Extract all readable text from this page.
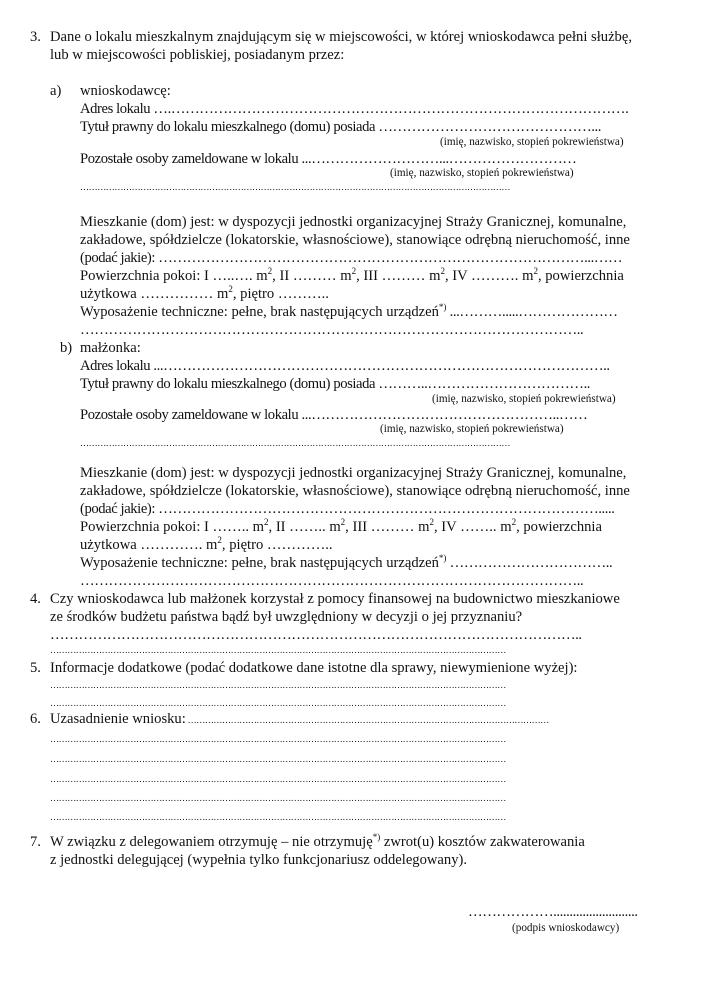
3. Dane o lokalu mieszkalnym znajdującym się w miejscowości, w której wnioskodawca pełni służbę,
lub w miejscowości pobliskiej, posiadanym przez:
a) wnioskodawcę:
Adres lokalu ….…………………………………………………………………………………….
Tytuł prawny do lokalu mieszkalnego (domu) posiada ………………………………………...
(imię, nazwisko, stopień pokrewieństwa)
Pozostałe osoby zameldowane w lokalu ...………………………...………………………
(imię, nazwisko, stopień pokrewieństwa)
……………………………………………………………………………………………………………………………………
Mieszkanie (dom) jest: w dyspozycji jednostki organizacyjnej Straży Granicznej, komunalne,
zakładowe, spółdzielcze (lokatorskie, własnościowe), stanowiące odrębną nieruchomość, inne
(podać jakie): ………………………………………………………………………………...……
Powierzchnia pokoi: I …..…. $m^2$, II ……… $m^2$, III ……… $m^2$, IV ………. $m^2$, powierzchnia
użytkowa …………… $m^2$, piętro ………..
Wyposażenie techniczne: pełne, brak następujących urządzeń*) ...……….....…………………
……………………………………………………………………………………………..
b) małżonka:
Adres lokalu ...…………………………………………………………………………………..
Tytuł prawny do lokalu mieszkalnego (domu) posiada ………..……………………………..
(imię, nazwisko, stopień pokrewieństwa)
Pozostałe osoby zameldowane w lokalu ...……………………………………………..……
(imię, nazwisko, stopień pokrewieństwa)
……………………………………………………………………………………………………………………………………
Mieszkanie (dom) jest: w dyspozycji jednostki organizacyjnej Straży Granicznej, komunalne,
zakładowe, spółdzielcze (lokatorskie, własnościowe), stanowiące odrębną nieruchomość, inne
(podać jakie): ………………………………………………………………………………….....
Powierzchnia pokoi: I …….. $m^2$, II …….. $m^2$, III ……… $m^2$, IV …….. $m^2$, powierzchnia
użytkowa …………. $m^2$, piętro …………..
Wyposażenie techniczne: pełne, brak następujących urządzeń*) ……………………………..
……………………………………………………………………………………………..
4. Czy wnioskodawca lub małżonek korzystał z pomocy finansowej na budownictwo mieszkaniowe
ze środków budżetu państwa bądź był uwzględniony w decyzji o jej przyznaniu?
…………………………………………………………………………………………………..
……………………………………………………………………………………………………………………………………………
5. Informacje dodatkowe (podać dodatkowe dane istotne dla sprawy, niewymienione wyżej):
……………………………………………………………………………………………………………………………………………
……………………………………………………………………………………………………………………………………………
6. Uzasadnienie wniosku: ………………………………………………………………………………………………………………
……………………………………………………………………………………………………………………………………………
……………………………………………………………………………………………………………………………………………
……………………………………………………………………………………………………………………………………………
……………………………………………………………………………………………………………………………………………
……………………………………………………………………………………………………………………………………………
7. W związku z delegowaniem otrzymuję – nie otrzymuję*) zwrot(u) kosztów zakwaterowania
z jednostki delegującej (wypełnia tylko funkcjonariusz oddelegowany).
………………..........................
(podpis wnioskodawcy)
